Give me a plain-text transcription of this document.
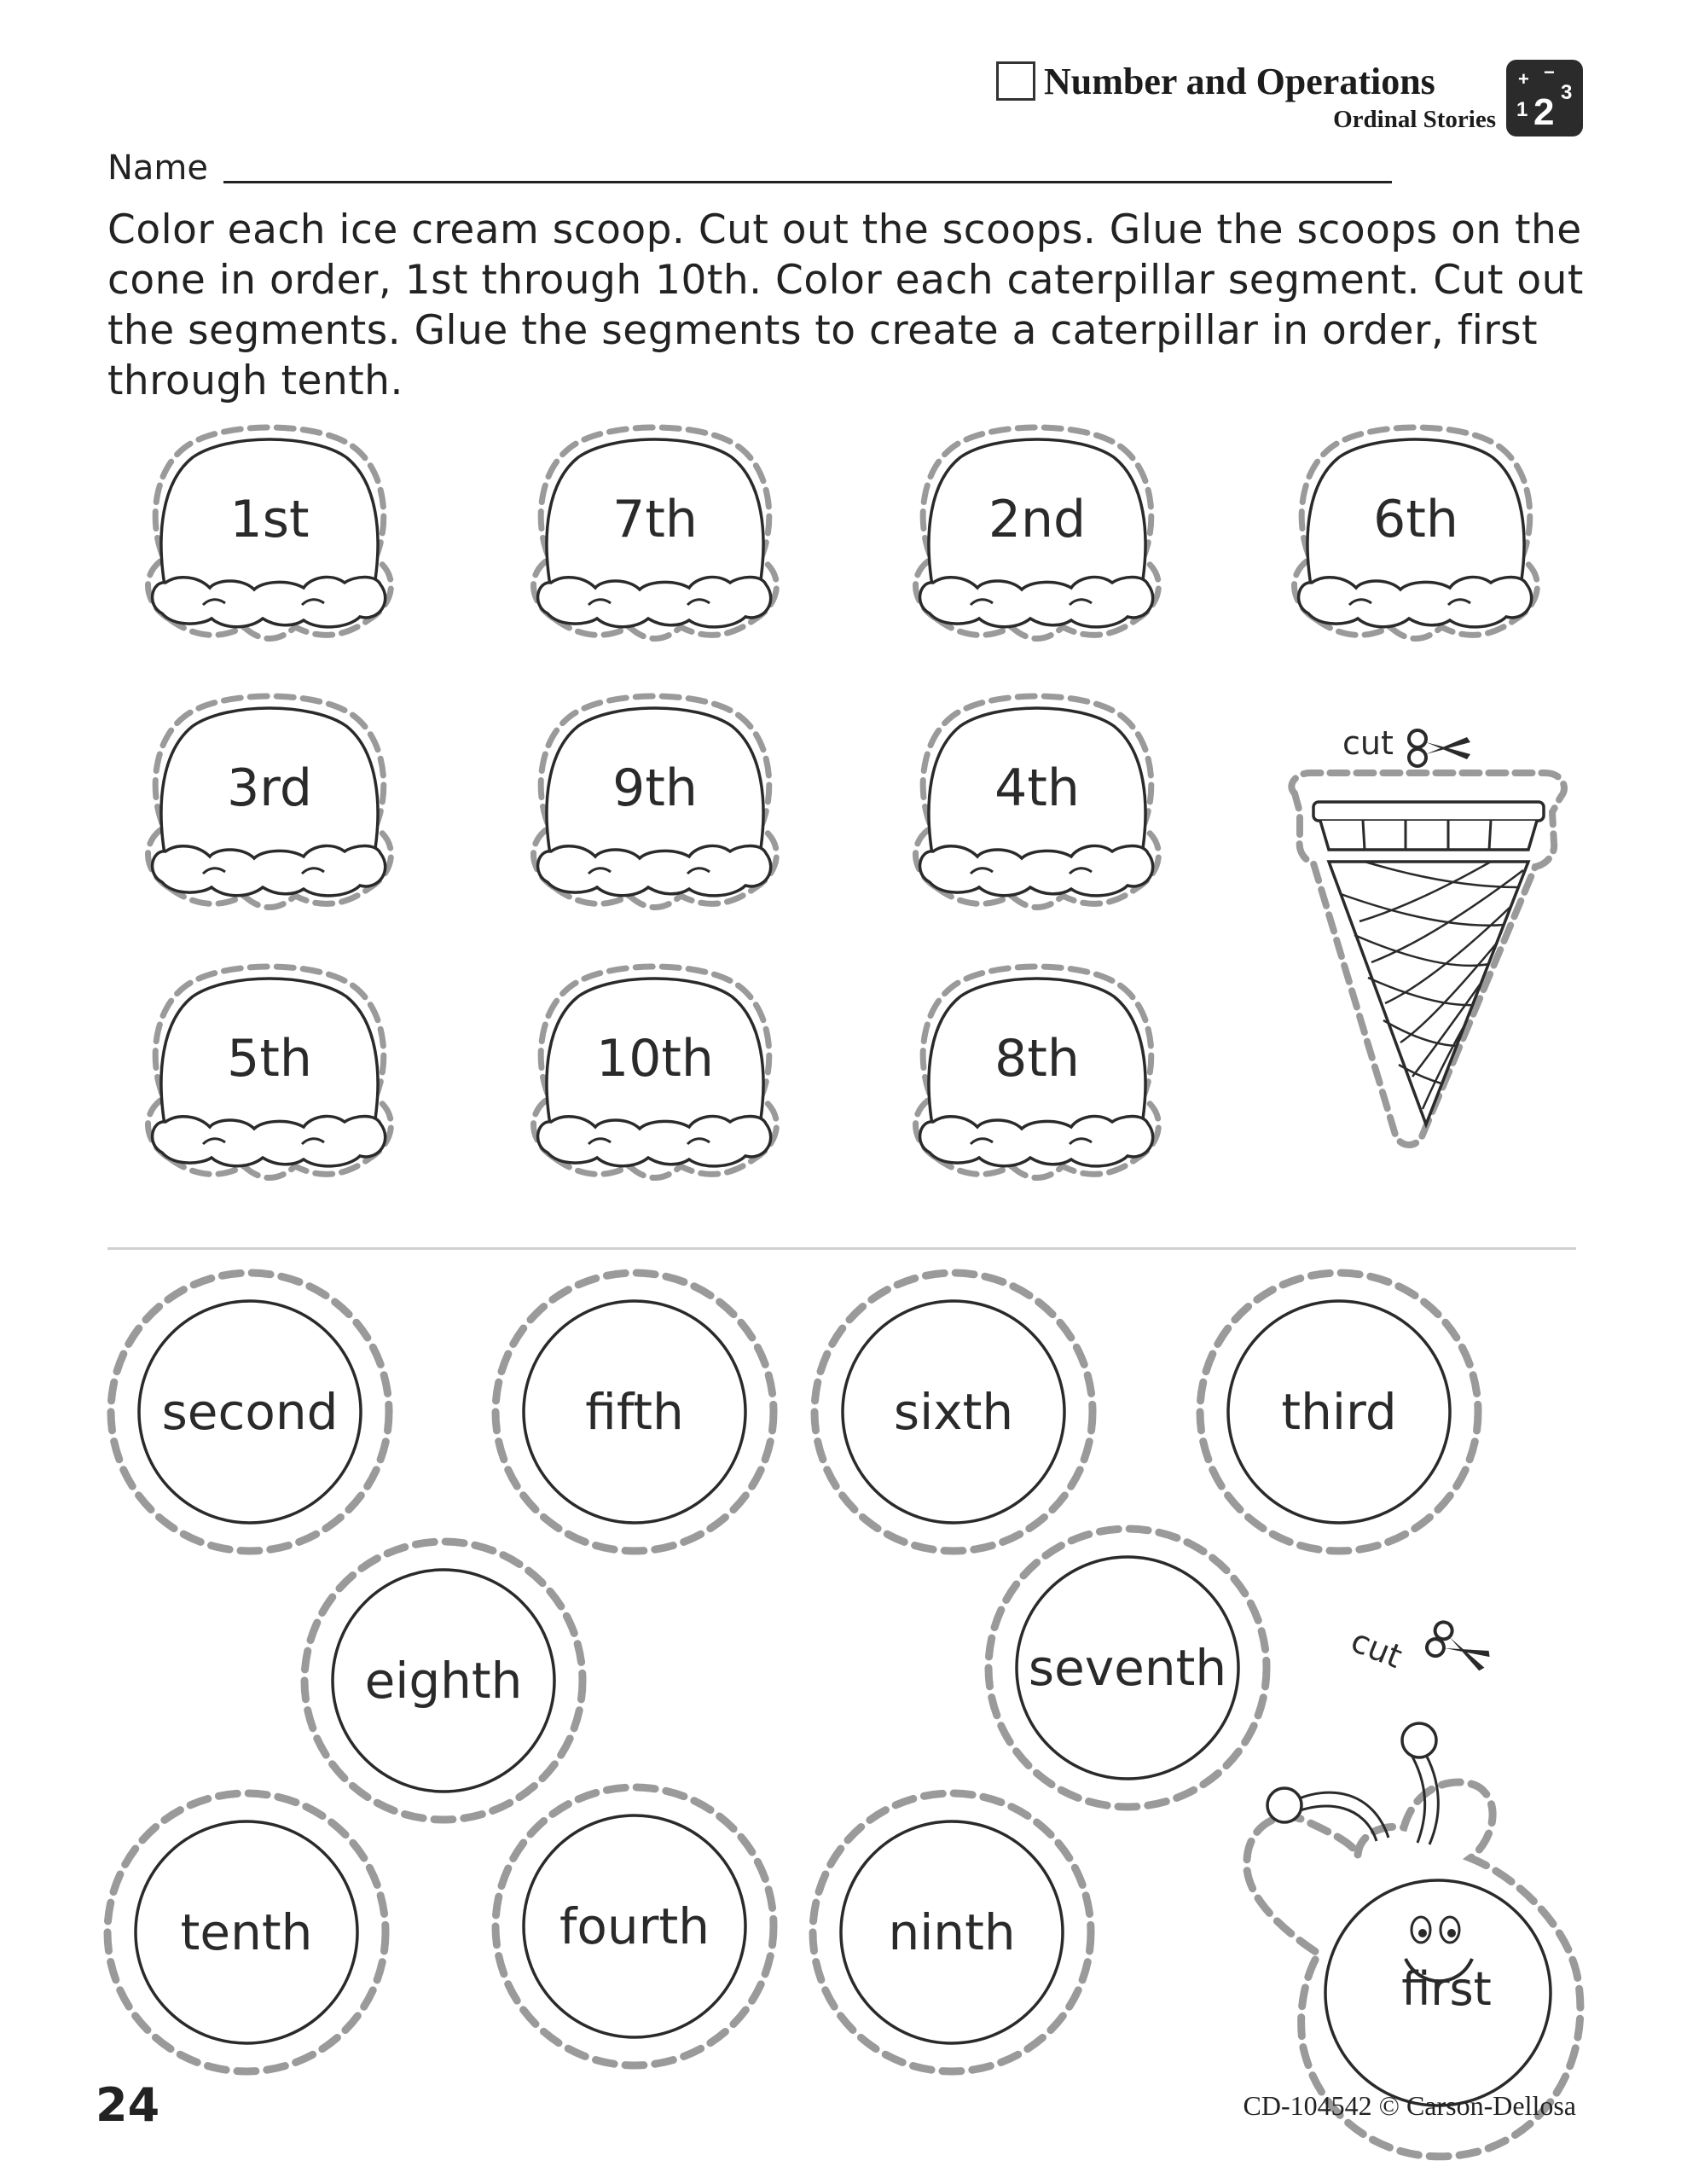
Number and Operations
Ordinal Stories
+ −
1 2 3
Name
Color each ice cream scoop. Cut out the scoops. Glue the scoops on the cone in order, 1st through 10th. Color each caterpillar segment. Cut out the segments. Glue the segments to create a caterpillar in order, first through tenth.
1st	7th	2nd	6th
3rd	9th	4th
5th	10th	8th
cut
second	fifth	sixth	third
eighth	seventh
tenth	fourth	ninth
first
cut
24	CD-104542 © Carson-Dellosa
